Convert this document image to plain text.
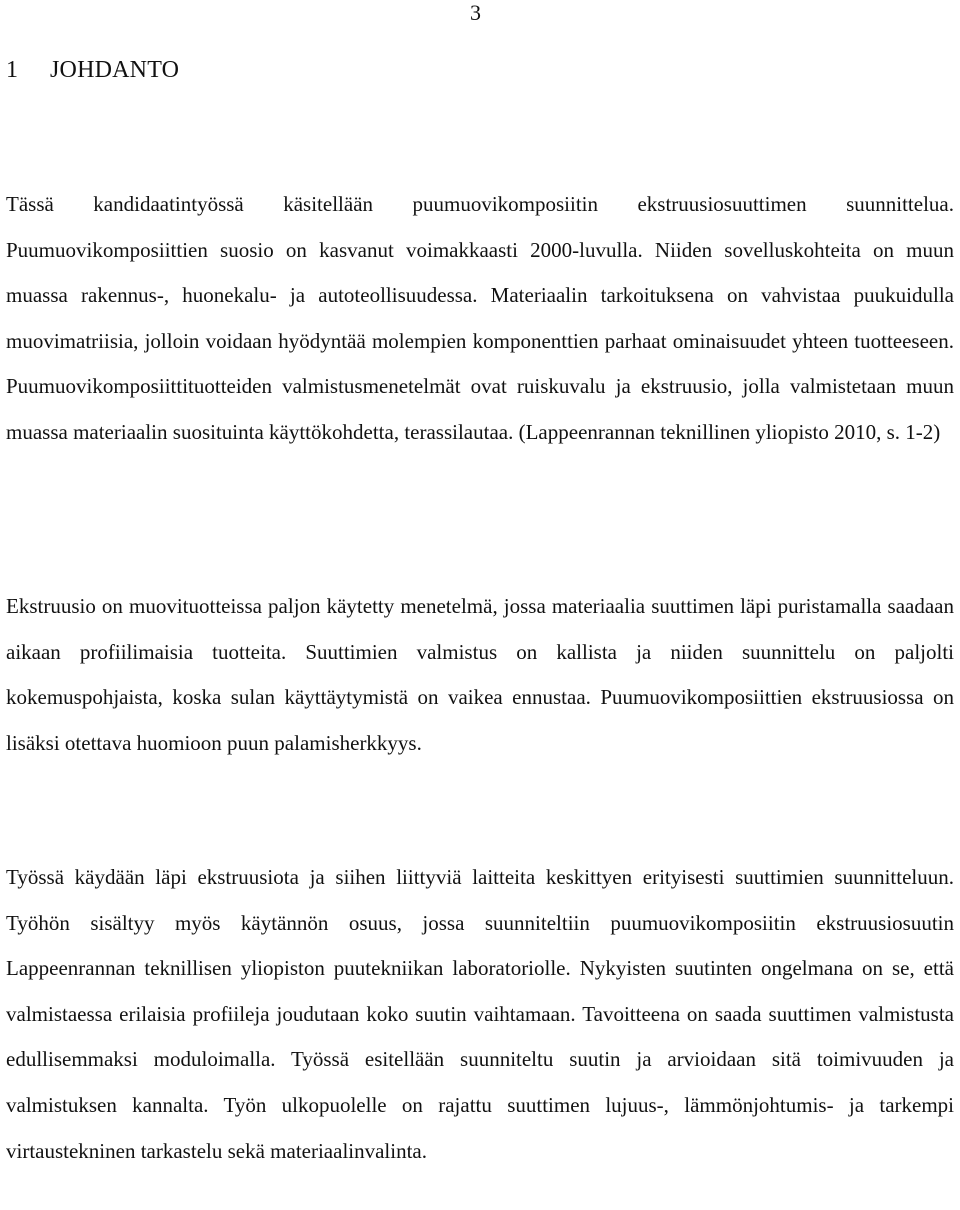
3
1 JOHDANTO

Tässä kandidaatintyössä käsitellään puumuovikomposiitin ekstruusiosuuttimen suunnittelua. Puumuovikomposiittien suosio on kasvanut voimakkaasti 2000-luvulla. Niiden sovelluskohteita on muun muassa rakennus-, huonekalu- ja autoteollisuudessa. Materiaalin tarkoituksena on vahvistaa puukuidulla muovimatriisia, jolloin voidaan hyödyntää molempien komponenttien parhaat ominaisuudet yhteen tuotteeseen. Puumuovikomposiittituotteiden valmistusmenetelmät ovat ruiskuvalu ja ekstruusio, jolla valmistetaan muun muassa materiaalin suosituinta käyttökohdetta, terassilautaa. (Lappeenrannan teknillinen yliopisto 2010, s. 1-2)

Ekstruusio on muovituotteissa paljon käytetty menetelmä, jossa materiaalia suuttimen läpi puristamalla saadaan aikaan profiilimaisia tuotteita. Suuttimien valmistus on kallista ja niiden suunnittelu on paljolti kokemuspohjaista, koska sulan käyttäytymistä on vaikea ennustaa. Puumuovikomposiittien ekstruusiossa on lisäksi otettava huomioon puun palamisherkkyys.

Työssä käydään läpi ekstruusiota ja siihen liittyviä laitteita keskittyen erityisesti suuttimien suunnitteluun. Työhön sisältyy myös käytännön osuus, jossa suunniteltiin puumuovikomposiitin ekstruusiosuutin Lappeenrannan teknillisen yliopiston puutekniikan laboratoriolle. Nykyisten suutinten ongelmana on se, että valmistaessa erilaisia profiileja joudutaan koko suutin vaihtamaan. Tavoitteena on saada suuttimen valmistusta edullisemmaksi moduloimalla. Työssä esitellään suunniteltu suutin ja arvioidaan sitä toimivuuden ja valmistuksen kannalta. Työn ulkopuolelle on rajattu suuttimen lujuus-, lämmönjohtumis- ja tarkempi virtaustekninen tarkastelu sekä materiaalinvalinta.
